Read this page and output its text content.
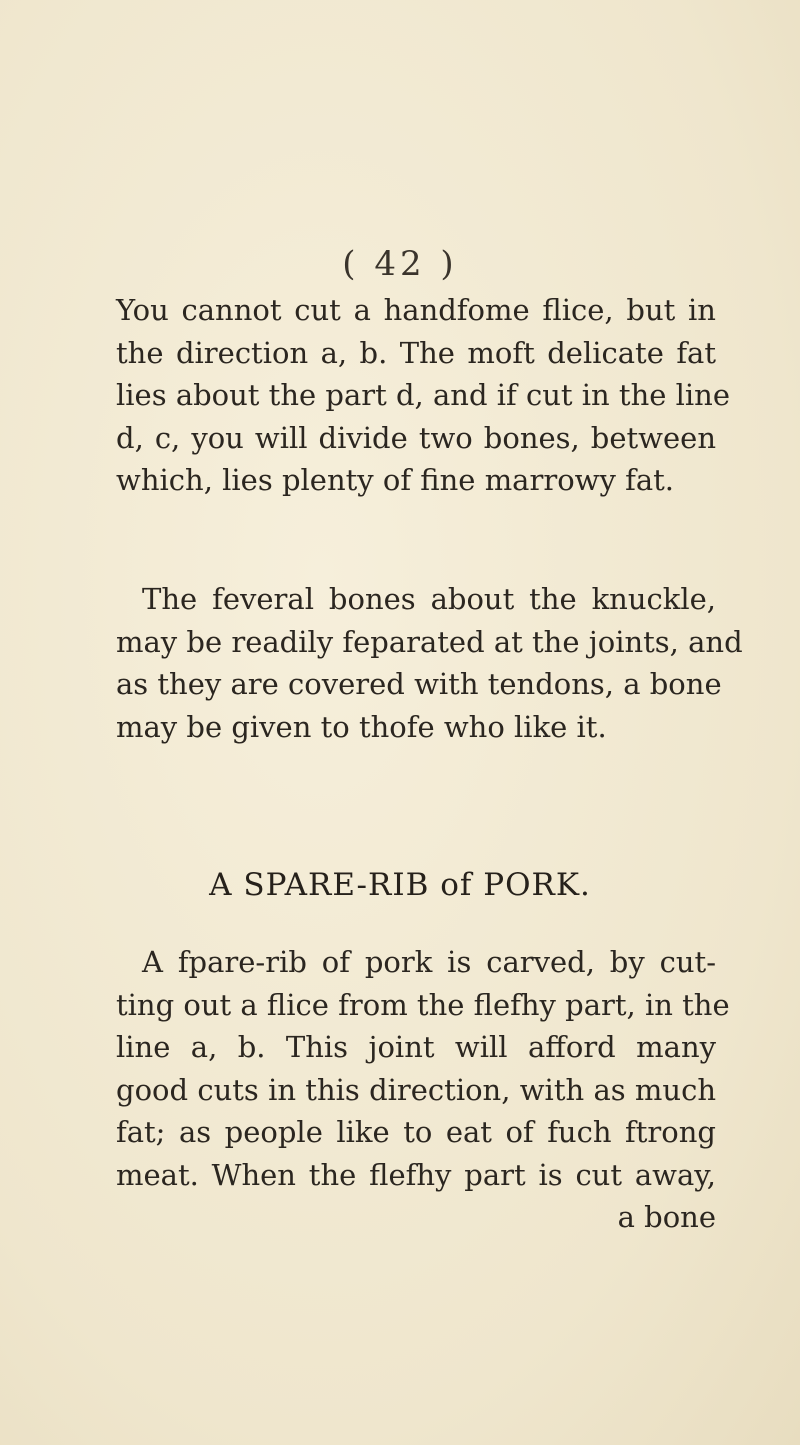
( 42 )
You cannot cut a handfome flice, but in
the direction a, b. The moft delicate fat
lies about the part d, and if cut in the line
d, c, you will divide two bones, between
which, lies plenty of fine marrowy fat.
The feveral bones about the knuckle,
may be readily feparated at the joints, and
as they are covered with tendons, a bone
may be given to thofe who like it.
A SPARE-RIB of PORK.
A fpare-rib of pork is carved, by cut-
ting out a flice from the flefhy part, in the
line a, b. This joint will afford many
good cuts in this direction, with as much
fat; as people like to eat of fuch ftrong
meat. When the flefhy part is cut away,
a bone
